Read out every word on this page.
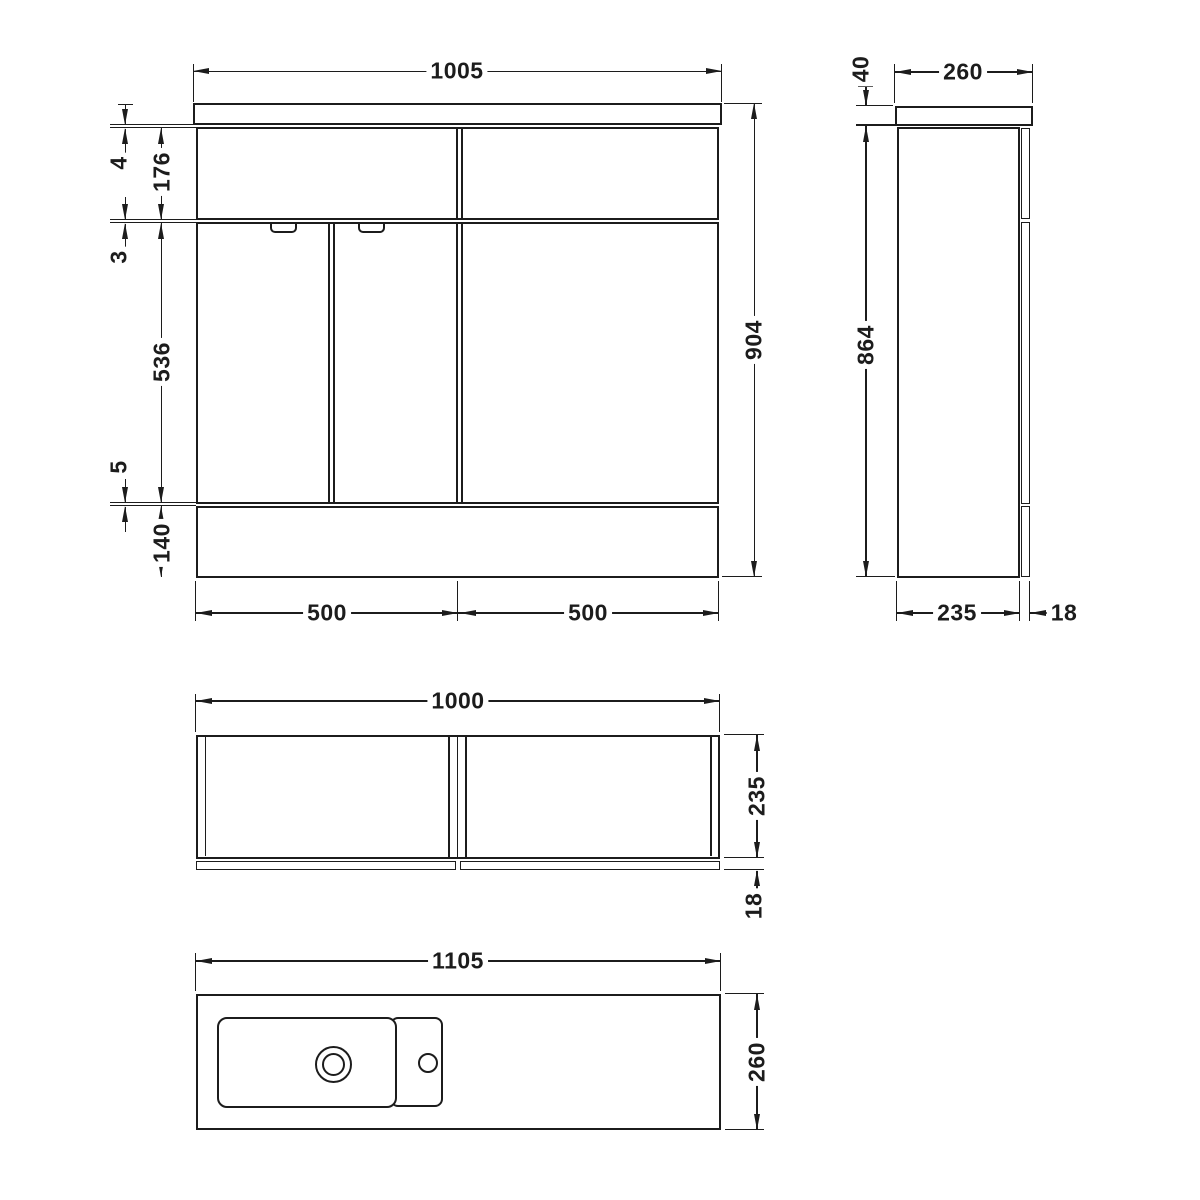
1005
904
4 176
3
536
5
140
500	500
260
40
864
235	18
1000
235
18
1105
260
